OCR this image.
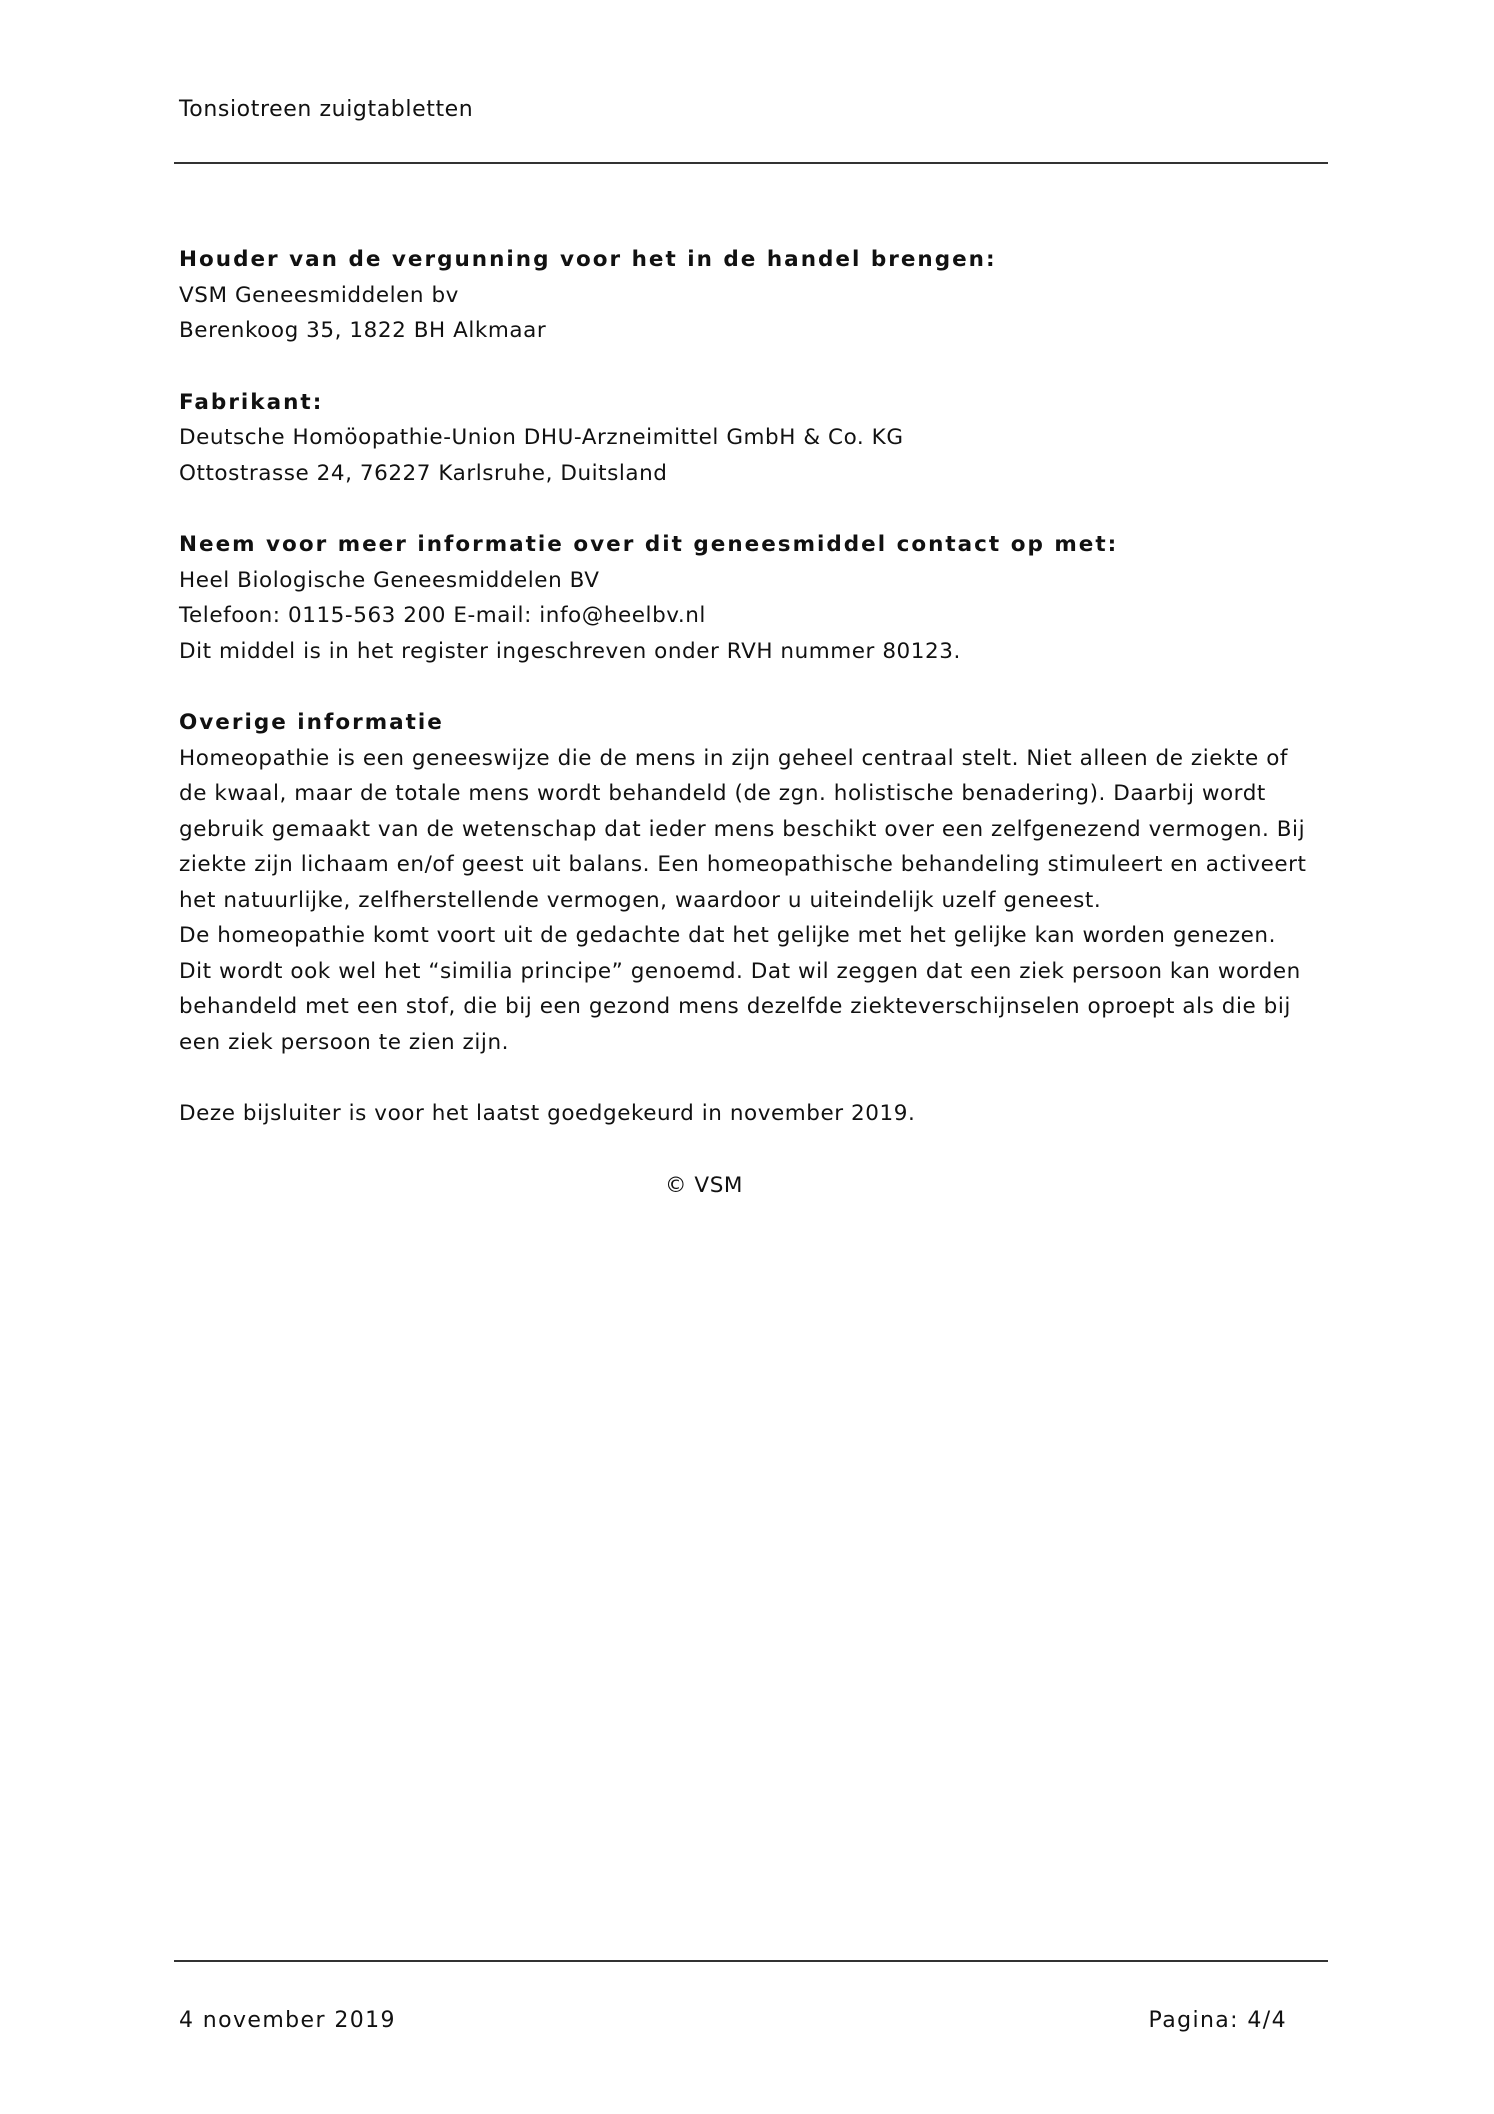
Tonsiotreen zuigtabletten
Houder van de vergunning voor het in de handel brengen:
VSM Geneesmiddelen bv
Berenkoog 35, 1822 BH Alkmaar
Fabrikant:
Deutsche Homöopathie-Union DHU-Arzneimittel GmbH & Co. KG
Ottostrasse 24, 76227 Karlsruhe, Duitsland
Neem voor meer informatie over dit geneesmiddel contact op met:
Heel Biologische Geneesmiddelen BV
Telefoon: 0115-563 200 E-mail: info@heelbv.nl
Dit middel is in het register ingeschreven onder RVH nummer 80123.
Overige informatie
Homeopathie is een geneeswijze die de mens in zijn geheel centraal stelt. Niet alleen de ziekte of
de kwaal, maar de totale mens wordt behandeld (de zgn. holistische benadering). Daarbij wordt
gebruik gemaakt van de wetenschap dat ieder mens beschikt over een zelfgenezend vermogen. Bij
ziekte zijn lichaam en/of geest uit balans. Een homeopathische behandeling stimuleert en activeert
het natuurlijke, zelfherstellende vermogen, waardoor u uiteindelijk uzelf geneest.
De homeopathie komt voort uit de gedachte dat het gelijke met het gelijke kan worden genezen.
Dit wordt ook wel het “similia principe” genoemd. Dat wil zeggen dat een ziek persoon kan worden
behandeld met een stof, die bij een gezond mens dezelfde ziekteverschijnselen oproept als die bij
een ziek persoon te zien zijn.
Deze bijsluiter is voor het laatst goedgekeurd in november 2019.
© VSM
4 november 2019	Pagina: 4/4
